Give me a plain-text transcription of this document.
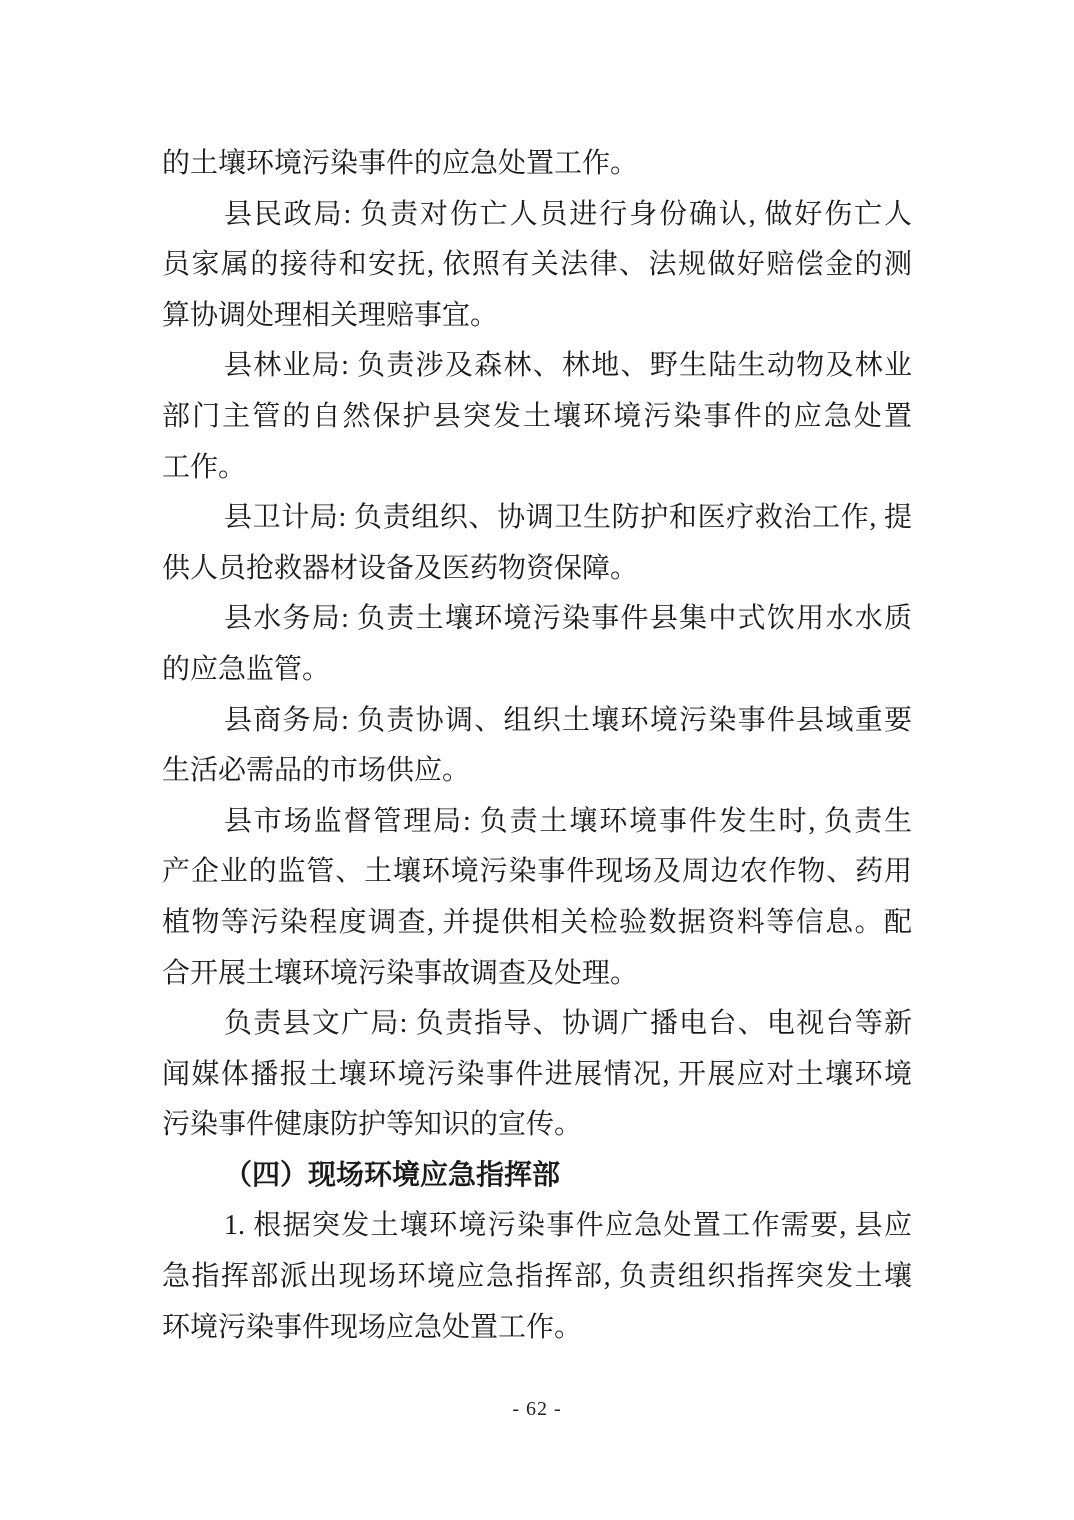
的土壤环境污染事件的应急处置工作。
县民政局: 负责对伤亡人员进行身份确认, 做好伤亡人
员家属的接待和安抚, 依照有关法律、法规做好赔偿金的测
算协调处理相关理赔事宜。
县林业局: 负责涉及森林、林地、野生陆生动物及林业
部门主管的自然保护县突发土壤环境污染事件的应急处置
工作。
县卫计局: 负责组织、协调卫生防护和医疗救治工作, 提
供人员抢救器材设备及医药物资保障。
县水务局: 负责土壤环境污染事件县集中式饮用水水质
的应急监管。
县商务局: 负责协调、组织土壤环境污染事件县域重要
生活必需品的市场供应。
县市场监督管理局: 负责土壤环境事件发生时, 负责生
产企业的监管、土壤环境污染事件现场及周边农作物、药用
植物等污染程度调查, 并提供相关检验数据资料等信息。配
合开展土壤环境污染事故调查及处理。
负责县文广局: 负责指导、协调广播电台、电视台等新
闻媒体播报土壤环境污染事件进展情况, 开展应对土壤环境
污染事件健康防护等知识的宣传。
（四）现场环境应急指挥部
1. 根据突发土壤环境污染事件应急处置工作需要, 县应
急指挥部派出现场环境应急指挥部, 负责组织指挥突发土壤
环境污染事件现场应急处置工作。
- 62 -
